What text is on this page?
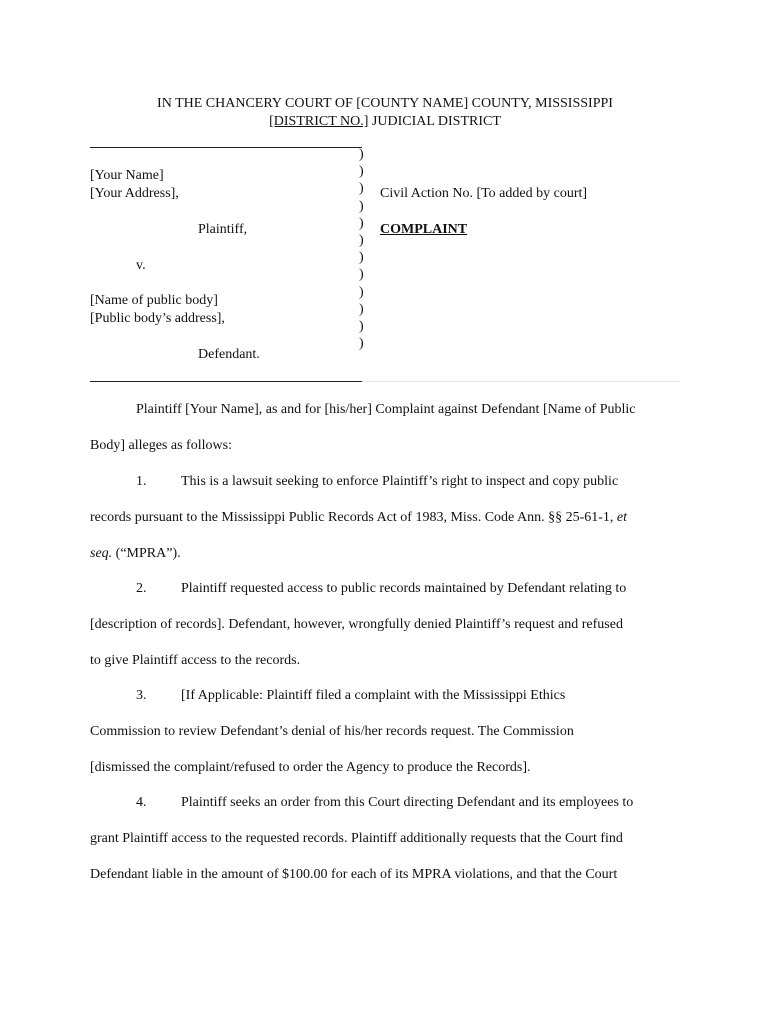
IN THE CHANCERY COURT OF [COUNTY NAME] COUNTY, MISSISSIPPI
[DISTRICT NO.] JUDICIAL DISTRICT
)
)
)
)
)
)
)
)
)
)
)
)
[Your Name]
[Your Address],
Plaintiff,
v.
[Name of public body]
[Public body’s address],
Defendant.
Civil Action No. [To added by court]
COMPLAINT
Plaintiff [Your Name], as and for [his/her] Complaint against Defendant [Name of Public
Body] alleges as follows:
1. This is a lawsuit seeking to enforce Plaintiff’s right to inspect and copy public
records pursuant to the Mississippi Public Records Act of 1983, Miss. Code Ann. §§ 25-61-1, et
seq. (“MPRA”).
2. Plaintiff requested access to public records maintained by Defendant relating to
[description of records]. Defendant, however, wrongfully denied Plaintiff’s request and refused
to give Plaintiff access to the records.
3. [If Applicable: Plaintiff filed a complaint with the Mississippi Ethics
Commission to review Defendant’s denial of his/her records request. The Commission
[dismissed the complaint/refused to order the Agency to produce the Records].
4. Plaintiff seeks an order from this Court directing Defendant and its employees to
grant Plaintiff access to the requested records. Plaintiff additionally requests that the Court find
Defendant liable in the amount of $100.00 for each of its MPRA violations, and that the Court
